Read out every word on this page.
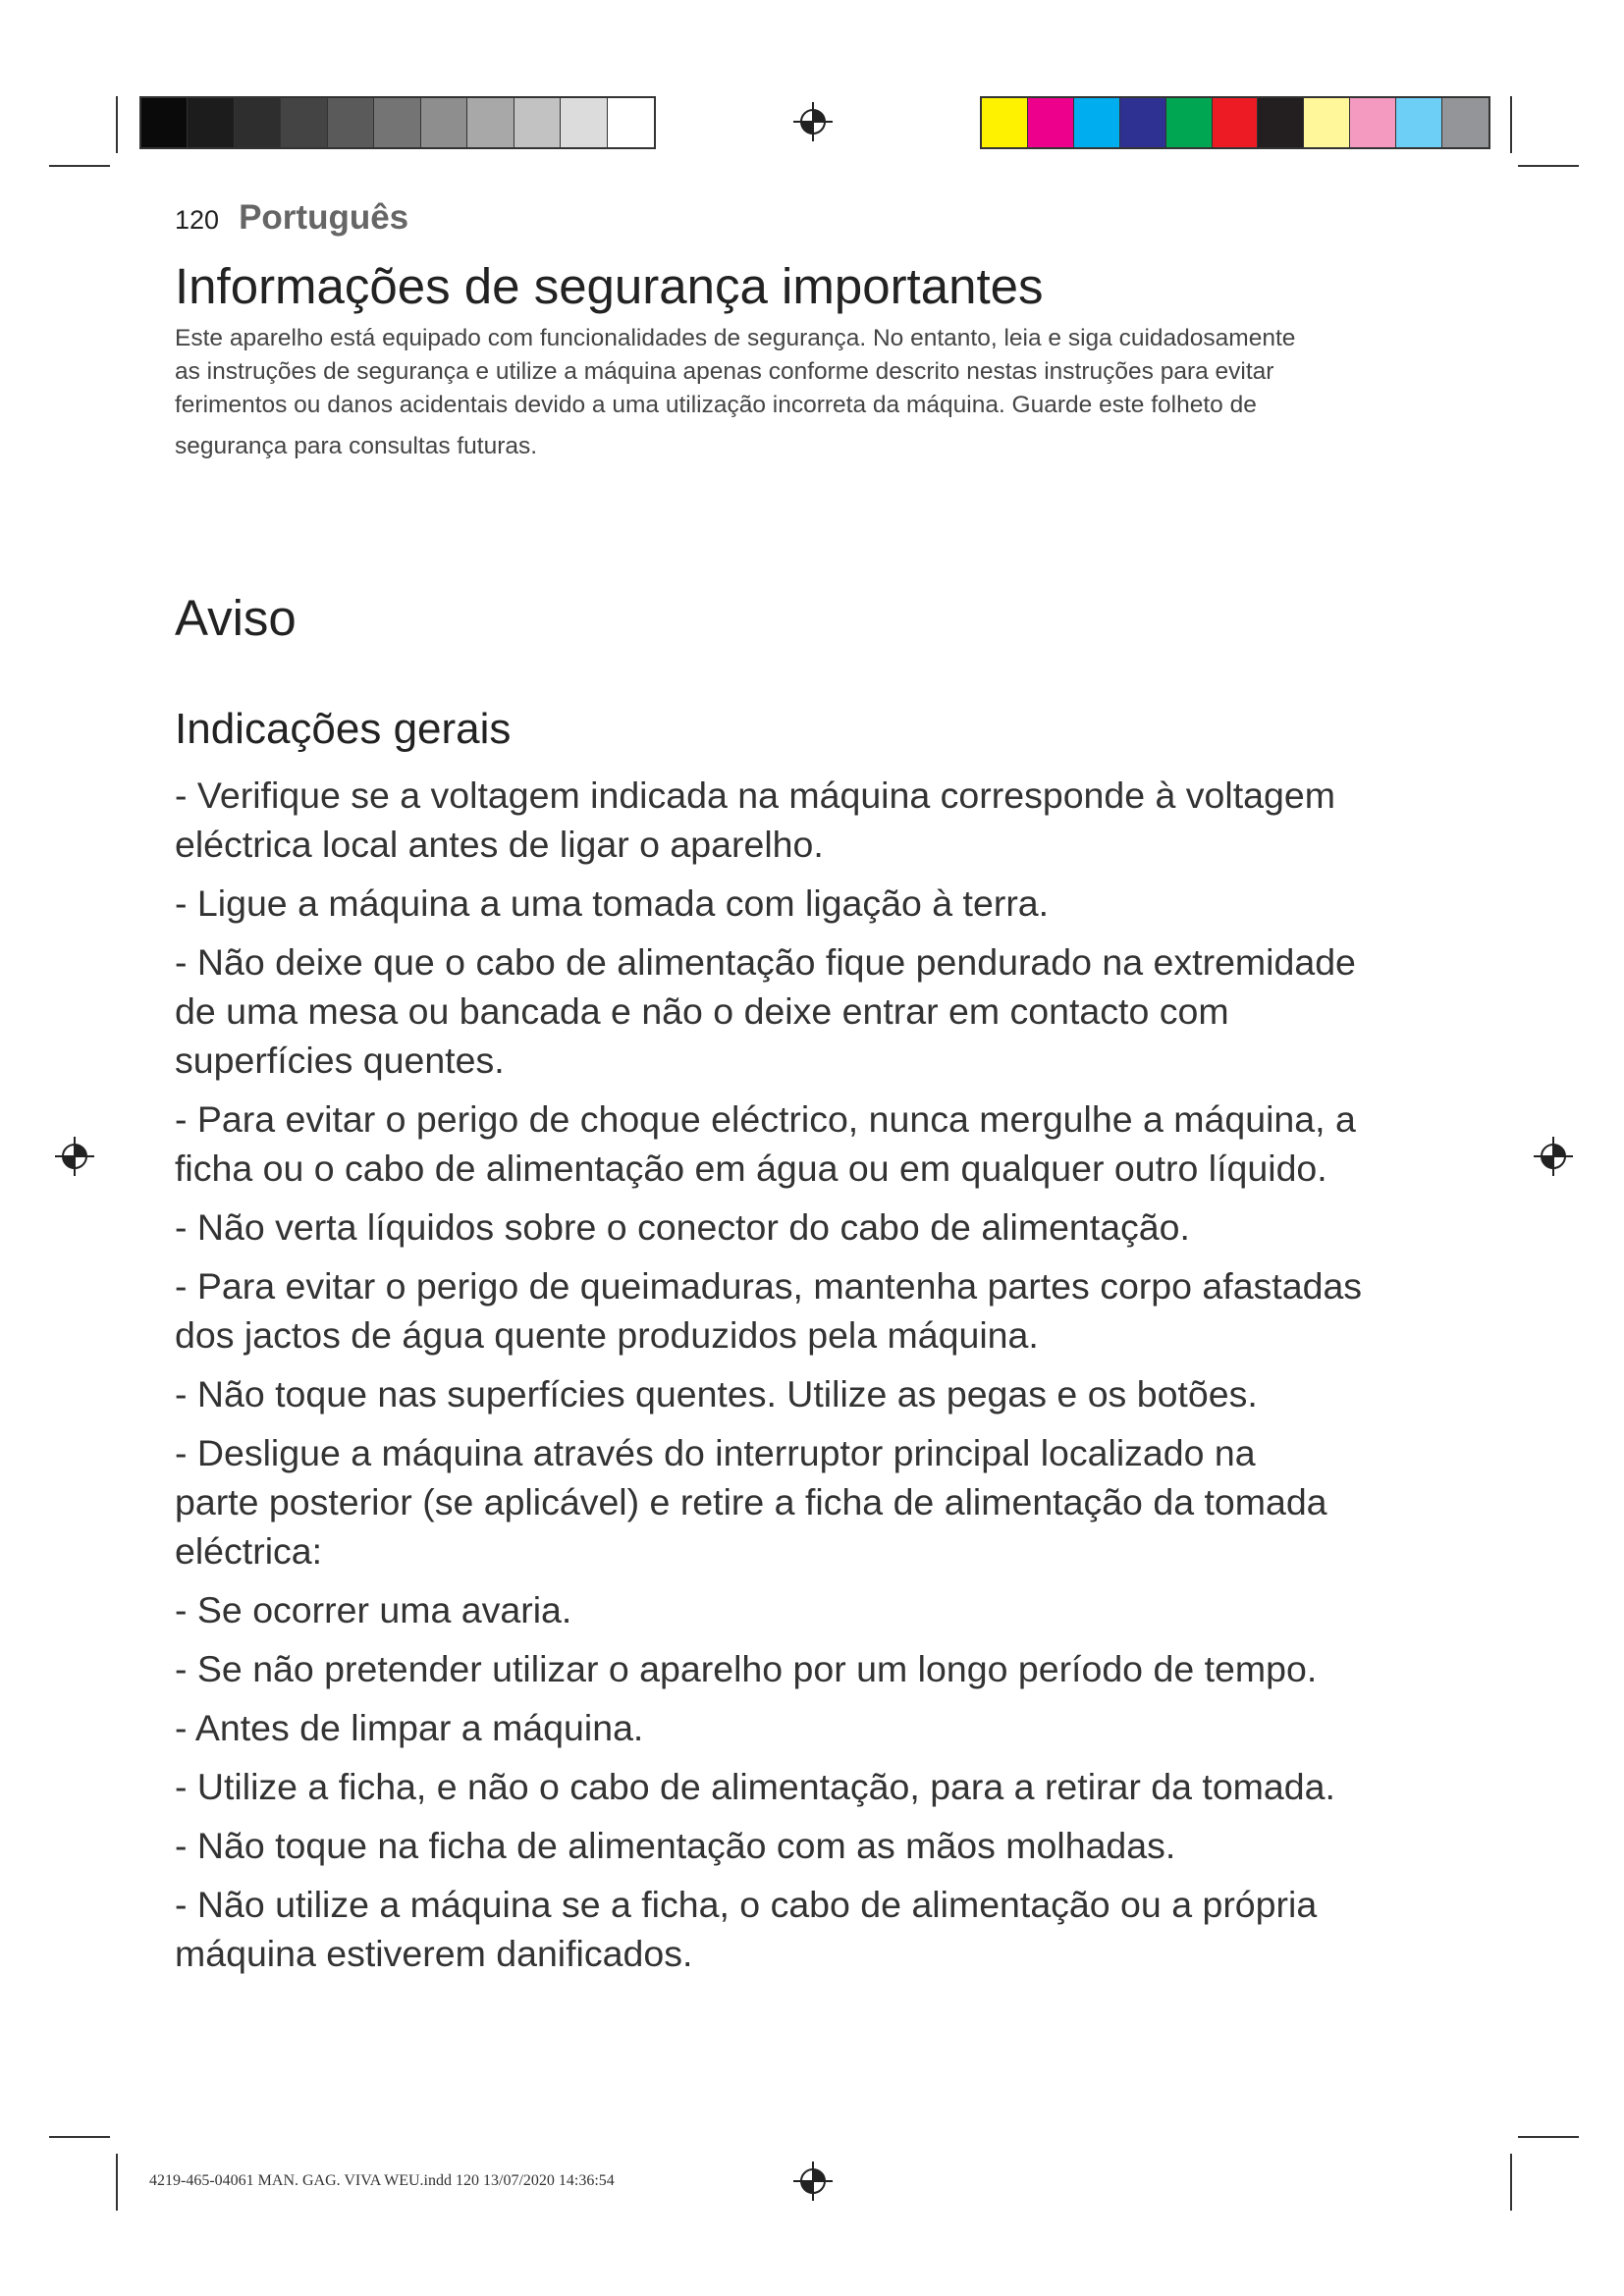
120 Português
Informações de segurança importantes

Este aparelho está equipado com funcionalidades de segurança. No entanto, leia e siga cuidadosamente
as instruções de segurança e utilize a máquina apenas conforme descrito nestas instruções para evitar
ferimentos ou danos acidentais devido a uma utilização incorreta da máquina. Guarde este folheto de
segurança para consultas futuras.

Aviso
Indicações gerais
- Verifique se a voltagem indicada na máquina corresponde à voltagem
eléctrica local antes de ligar o aparelho.
- Ligue a máquina a uma tomada com ligação à terra.
- Não deixe que o cabo de alimentação fique pendurado na extremidade
de uma mesa ou bancada e não o deixe entrar em contacto com
superfícies quentes.
- Para evitar o perigo de choque eléctrico, nunca mergulhe a máquina, a
ficha ou o cabo de alimentação em água ou em qualquer outro líquido.
- Não verta líquidos sobre o conector do cabo de alimentação.
- Para evitar o perigo de queimaduras, mantenha partes corpo afastadas
dos jactos de água quente produzidos pela máquina.
- Não toque nas superfícies quentes. Utilize as pegas e os botões.
- Desligue a máquina através do interruptor principal localizado na
parte posterior (se aplicável) e retire a ficha de alimentação da tomada
eléctrica:
- Se ocorrer uma avaria.
- Se não pretender utilizar o aparelho por um longo período de tempo.
- Antes de limpar a máquina.
- Utilize a ficha, e não o cabo de alimentação, para a retirar da tomada.
- Não toque na ficha de alimentação com as mãos molhadas.
- Não utilize a máquina se a ficha, o cabo de alimentação ou a própria
máquina estiverem danificados.
4219-465-04061 MAN. GAG. VIVA WEU.indd 120 13/07/2020 14:36:54
